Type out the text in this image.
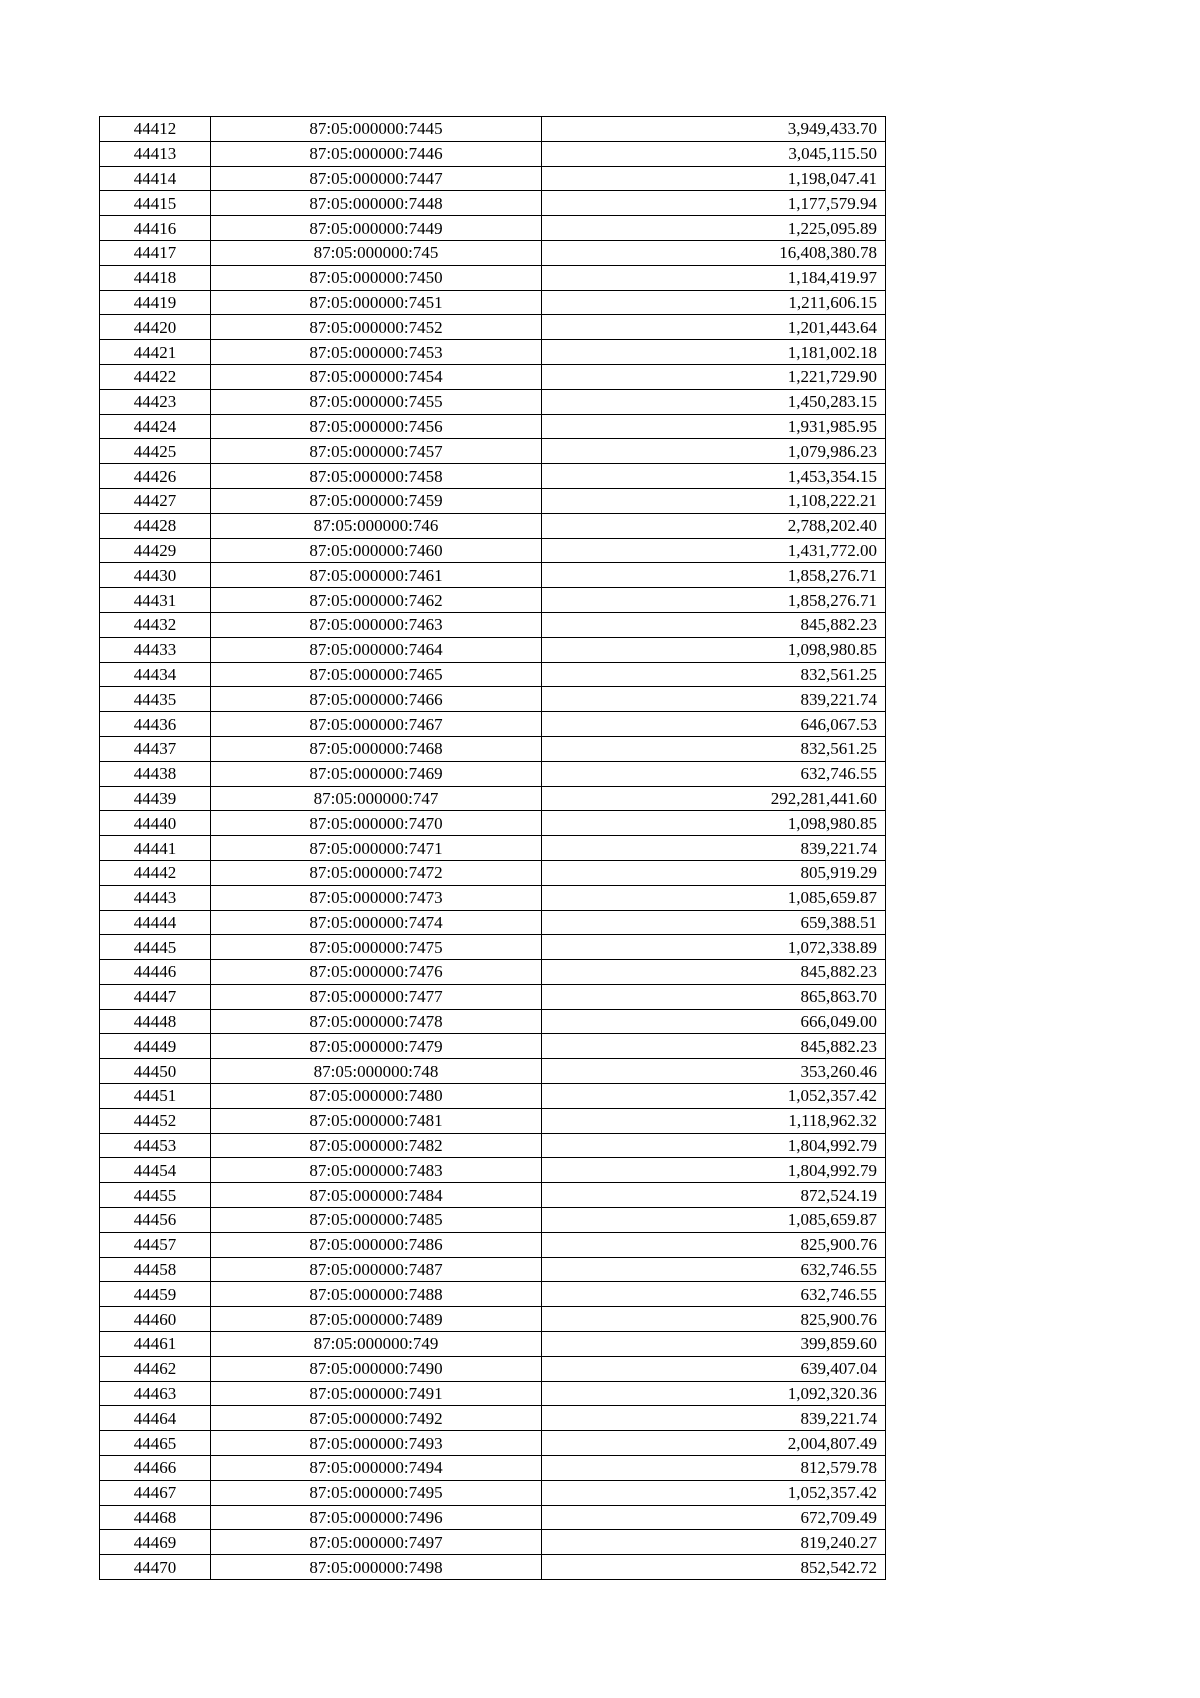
44412	87:05:000000:7445	3,949,433.70
44413	87:05:000000:7446	3,045,115.50
44414	87:05:000000:7447	1,198,047.41
44415	87:05:000000:7448	1,177,579.94
44416	87:05:000000:7449	1,225,095.89
44417	87:05:000000:745	16,408,380.78
44418	87:05:000000:7450	1,184,419.97
44419	87:05:000000:7451	1,211,606.15
44420	87:05:000000:7452	1,201,443.64
44421	87:05:000000:7453	1,181,002.18
44422	87:05:000000:7454	1,221,729.90
44423	87:05:000000:7455	1,450,283.15
44424	87:05:000000:7456	1,931,985.95
44425	87:05:000000:7457	1,079,986.23
44426	87:05:000000:7458	1,453,354.15
44427	87:05:000000:7459	1,108,222.21
44428	87:05:000000:746	2,788,202.40
44429	87:05:000000:7460	1,431,772.00
44430	87:05:000000:7461	1,858,276.71
44431	87:05:000000:7462	1,858,276.71
44432	87:05:000000:7463	845,882.23
44433	87:05:000000:7464	1,098,980.85
44434	87:05:000000:7465	832,561.25
44435	87:05:000000:7466	839,221.74
44436	87:05:000000:7467	646,067.53
44437	87:05:000000:7468	832,561.25
44438	87:05:000000:7469	632,746.55
44439	87:05:000000:747	292,281,441.60
44440	87:05:000000:7470	1,098,980.85
44441	87:05:000000:7471	839,221.74
44442	87:05:000000:7472	805,919.29
44443	87:05:000000:7473	1,085,659.87
44444	87:05:000000:7474	659,388.51
44445	87:05:000000:7475	1,072,338.89
44446	87:05:000000:7476	845,882.23
44447	87:05:000000:7477	865,863.70
44448	87:05:000000:7478	666,049.00
44449	87:05:000000:7479	845,882.23
44450	87:05:000000:748	353,260.46
44451	87:05:000000:7480	1,052,357.42
44452	87:05:000000:7481	1,118,962.32
44453	87:05:000000:7482	1,804,992.79
44454	87:05:000000:7483	1,804,992.79
44455	87:05:000000:7484	872,524.19
44456	87:05:000000:7485	1,085,659.87
44457	87:05:000000:7486	825,900.76
44458	87:05:000000:7487	632,746.55
44459	87:05:000000:7488	632,746.55
44460	87:05:000000:7489	825,900.76
44461	87:05:000000:749	399,859.60
44462	87:05:000000:7490	639,407.04
44463	87:05:000000:7491	1,092,320.36
44464	87:05:000000:7492	839,221.74
44465	87:05:000000:7493	2,004,807.49
44466	87:05:000000:7494	812,579.78
44467	87:05:000000:7495	1,052,357.42
44468	87:05:000000:7496	672,709.49
44469	87:05:000000:7497	819,240.27
44470	87:05:000000:7498	852,542.72
